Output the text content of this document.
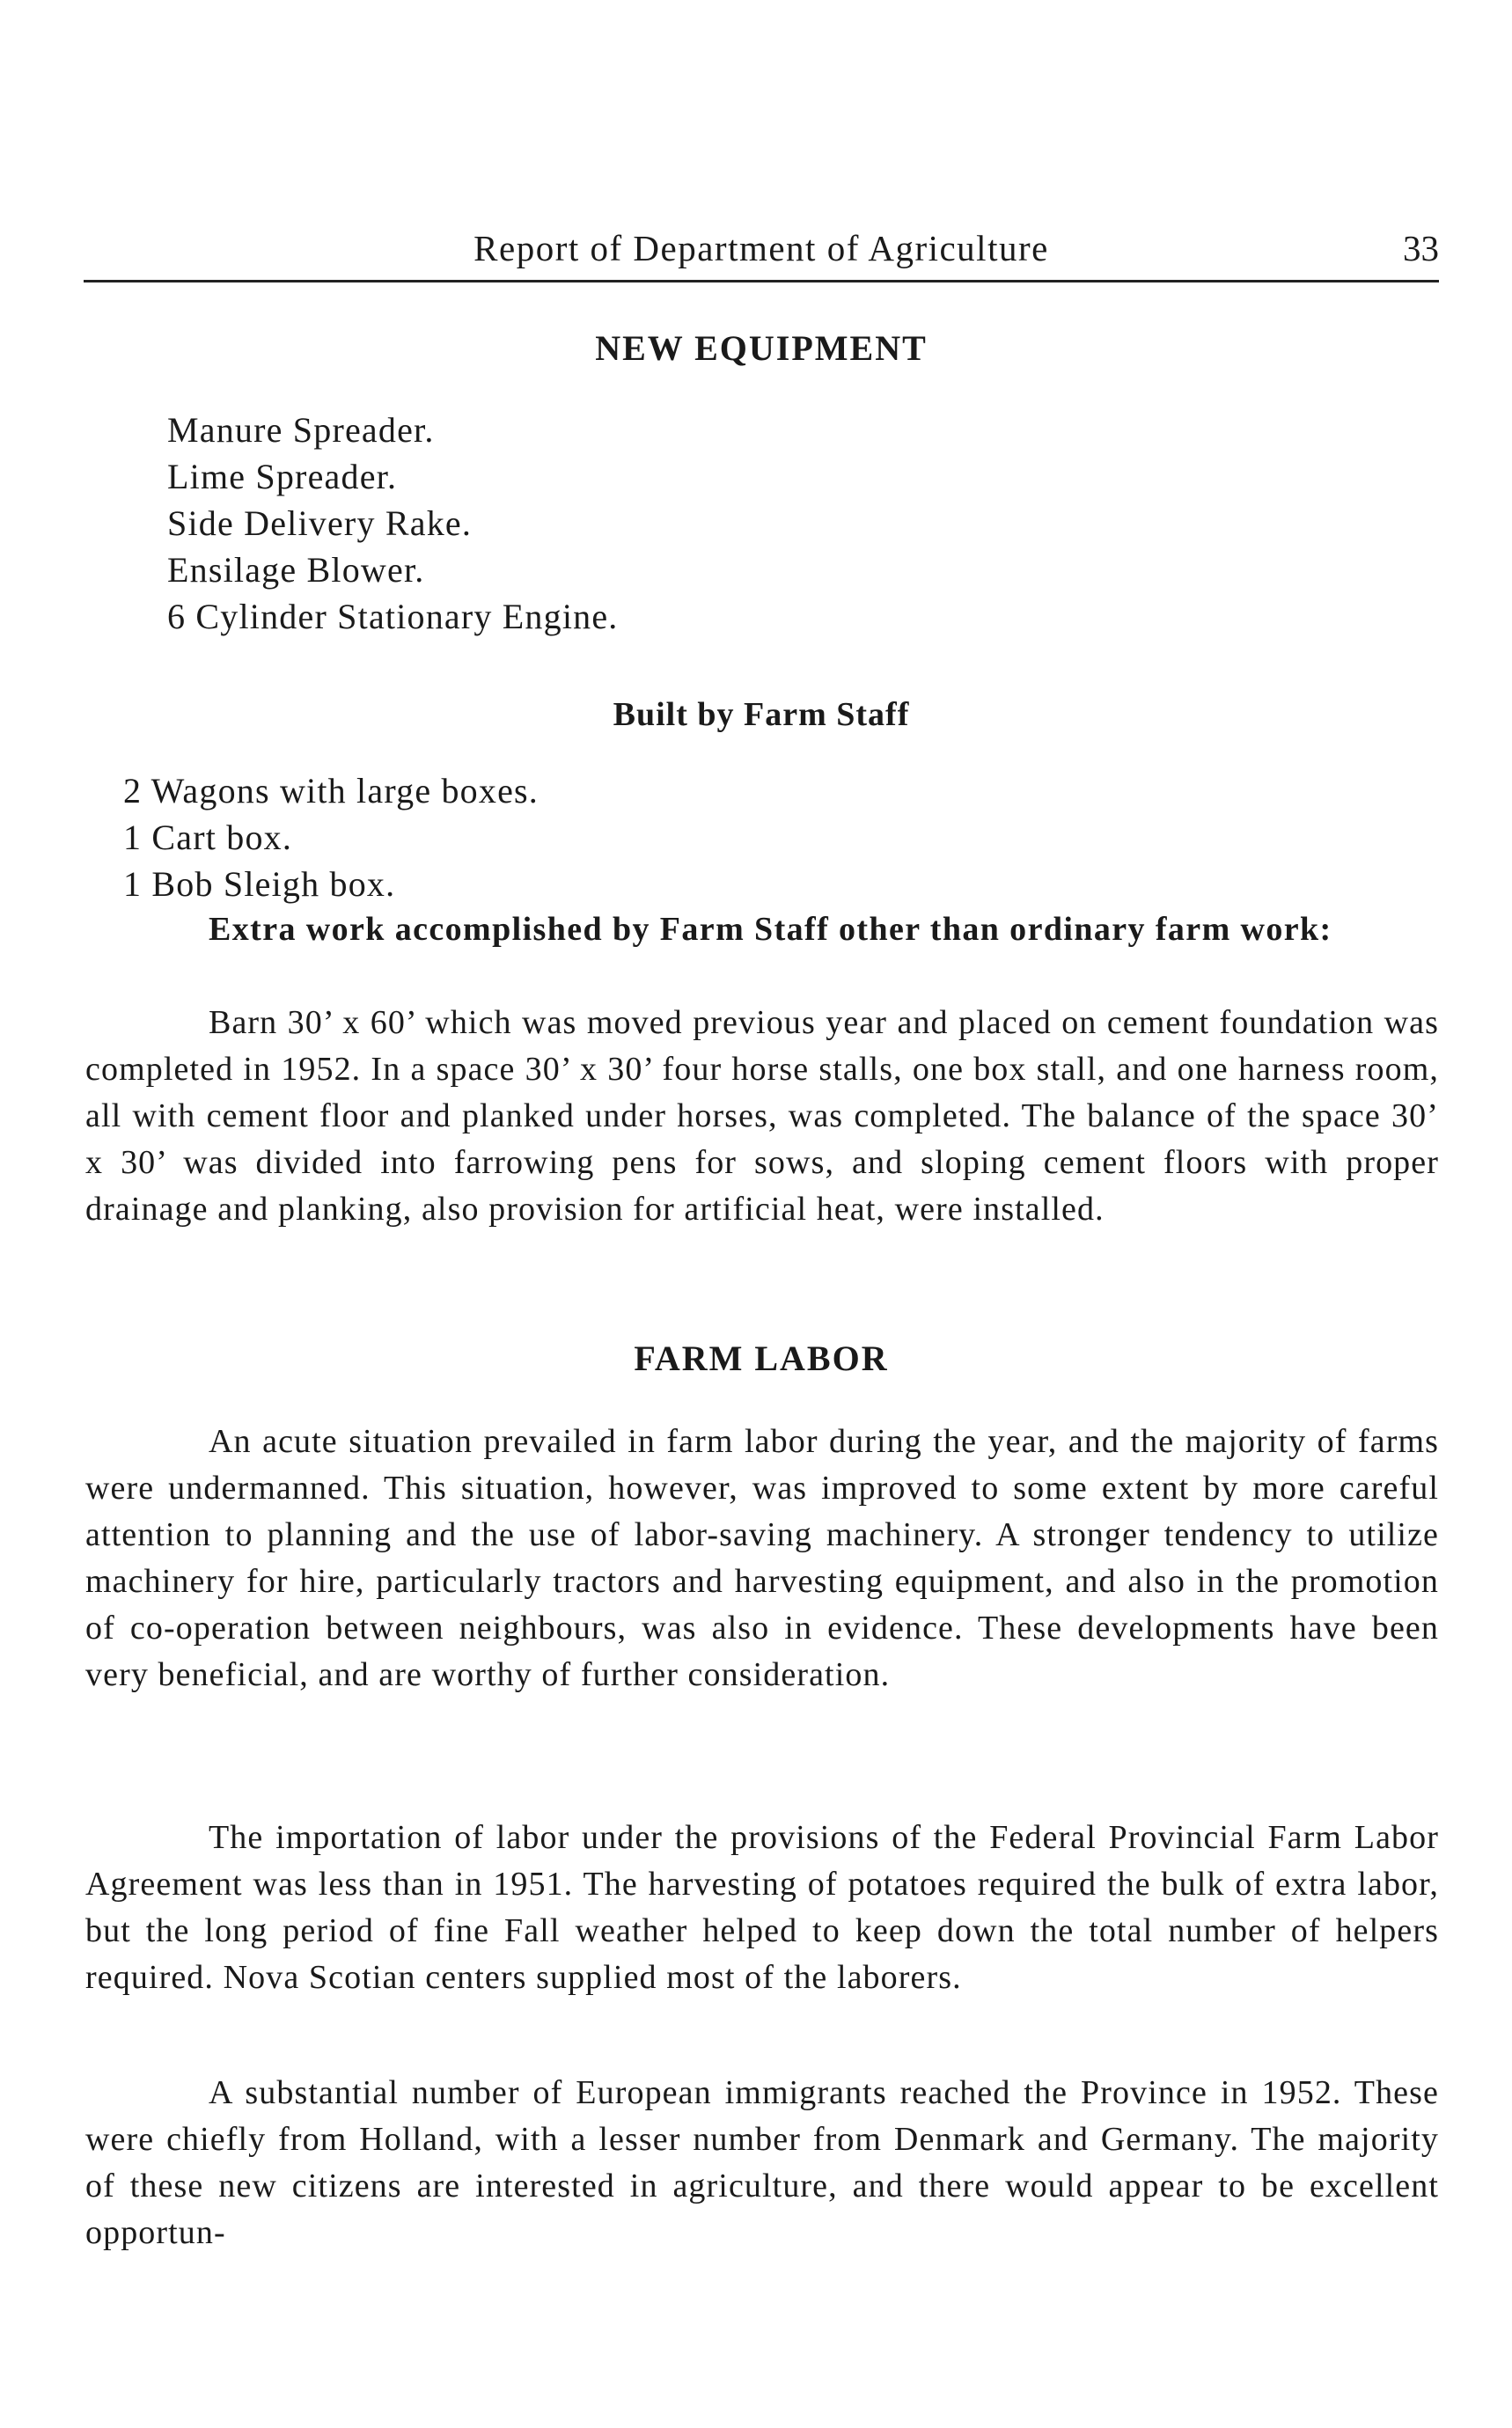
Report of Department of Agriculture	33
NEW EQUIPMENT
Manure Spreader.
Lime Spreader.
Side Delivery Rake.
Ensilage Blower.
6 Cylinder Stationary Engine.
Built by Farm Staff
2 Wagons with large boxes.
1 Cart box.
1 Bob Sleigh box.

Extra work accomplished by Farm Staff other than ordinary farm work:

Barn 30’ x 60’ which was moved previous year and placed on cement foundation was completed in 1952. In a space 30’ x 30’ four horse stalls, one box stall, and one harness room, all with cement floor and planked under horses, was completed. The balance of the space 30’ x 30’ was divided into farrowing pens for sows, and sloping cement floors with proper drainage and planking, also provision for artificial heat, were installed.

FARM LABOR

An acute situation prevailed in farm labor during the year, and the majority of farms were undermanned. This situation, however, was improved to some extent by more careful attention to planning and the use of labor-saving machinery. A stronger tendency to utilize machinery for hire, particularly tractors and harvesting equipment, and also in the promotion of co-operation between neighbours, was also in evidence. These developments have been very beneficial, and are worthy of further consideration.

The importation of labor under the provisions of the Federal Provincial Farm Labor Agreement was less than in 1951. The harvesting of potatoes required the bulk of extra labor, but the long period of fine Fall weather helped to keep down the total number of helpers required. Nova Scotian centers supplied most of the laborers.

A substantial number of European immigrants reached the Province in 1952. These were chiefly from Holland, with a lesser number from Denmark and Germany. The majority of these new citizens are interested in agriculture, and there would appear to be excellent opportun-
